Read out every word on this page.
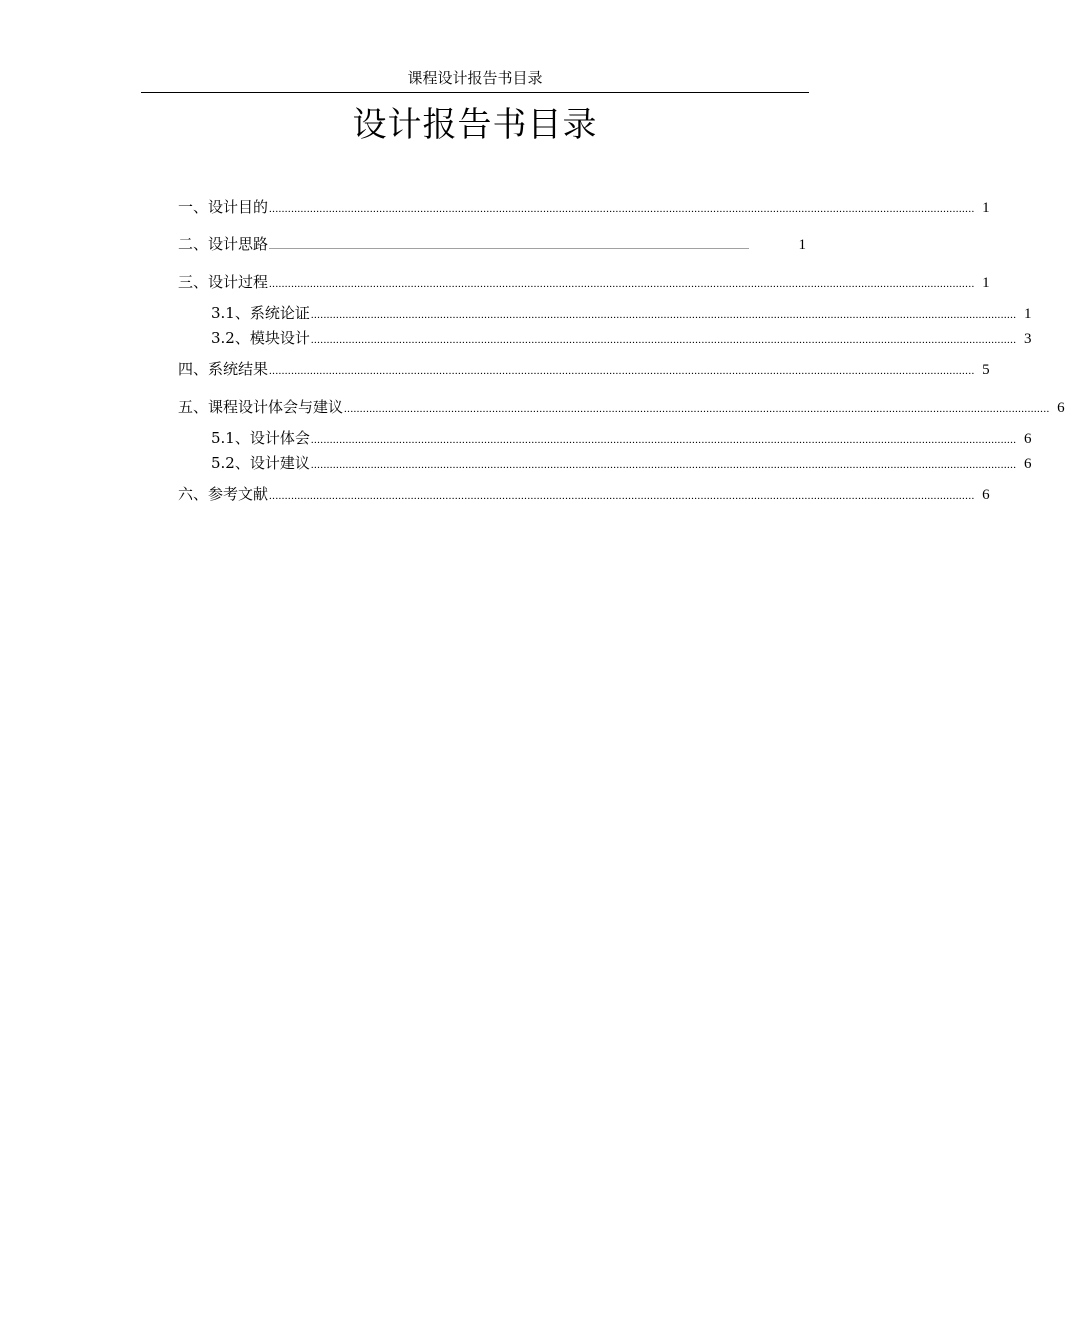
课程设计报告书目录
设计报告书目录
一、设计目的 ................................................................................................................................................................................................................................ 1
二、设计思路 ................................................................................................................................................................................................................................................	1
三、设计过程 ................................................................................................................................................................................................................................ 1
3.1、系统论证 ................................................................................................................................................................................................................................ 1
3.2、模块设计 ................................................................................................................................................................................................................................ 3
四、系统结果 ................................................................................................................................................................................................................................ 5
五、课程设计体会与建议 ................................................................................................................................................................................................................................ 6
5.1、设计体会 ................................................................................................................................................................................................................................ 6
5.2、设计建议 ................................................................................................................................................................................................................................ 6
六、参考文献 ................................................................................................................................................................................................................................ 6
